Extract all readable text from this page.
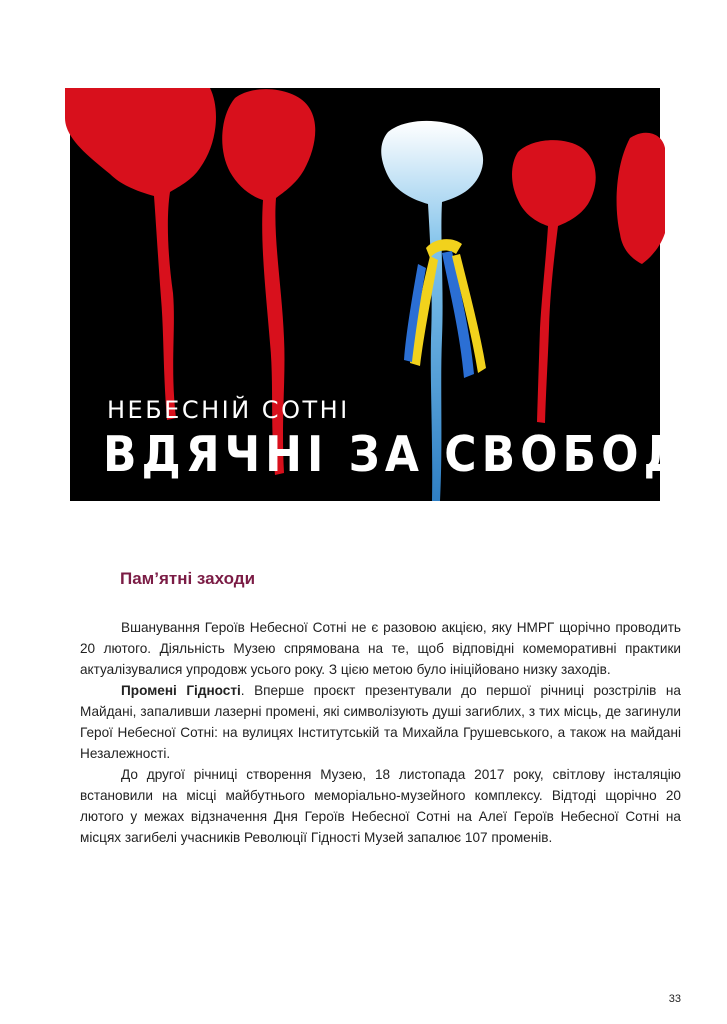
НЕБЕСНІЙ СОТНІ
ВДЯЧНІ ЗА СВОБОДУ
Пам’ятні заходи

Вшанування Героїв Небесної Сотні не є разовою акцією, яку НМРГ щорічно проводить 20 лютого. Діяльність Музею спрямована на те, щоб відповідні комеморативні практики актуалізувалися упродовж усього року. З цією метою було ініційовано низку заходів.

Промені Гідності. Вперше проєкт презентували до першої річниці розстрілів на Майдані, запаливши лазерні промені, які символізують душі загиблих, з тих місць, де загинули Герої Небесної Сотні: на вулицях Інститутській та Михайла Грушевського, а також на майдані Незалежності.

До другої річниці створення Музею, 18 листопада 2017 року, світлову інсталяцію встановили на місці майбутнього меморіально-музейного комплексу. Відтоді щорічно 20 лютого у межах відзначення Дня Героїв Небесної Сотні на Алеї Героїв Небесної Сотні на місцях загибелі учасників Революції Гідності Музей запалює 107 променів.

33
